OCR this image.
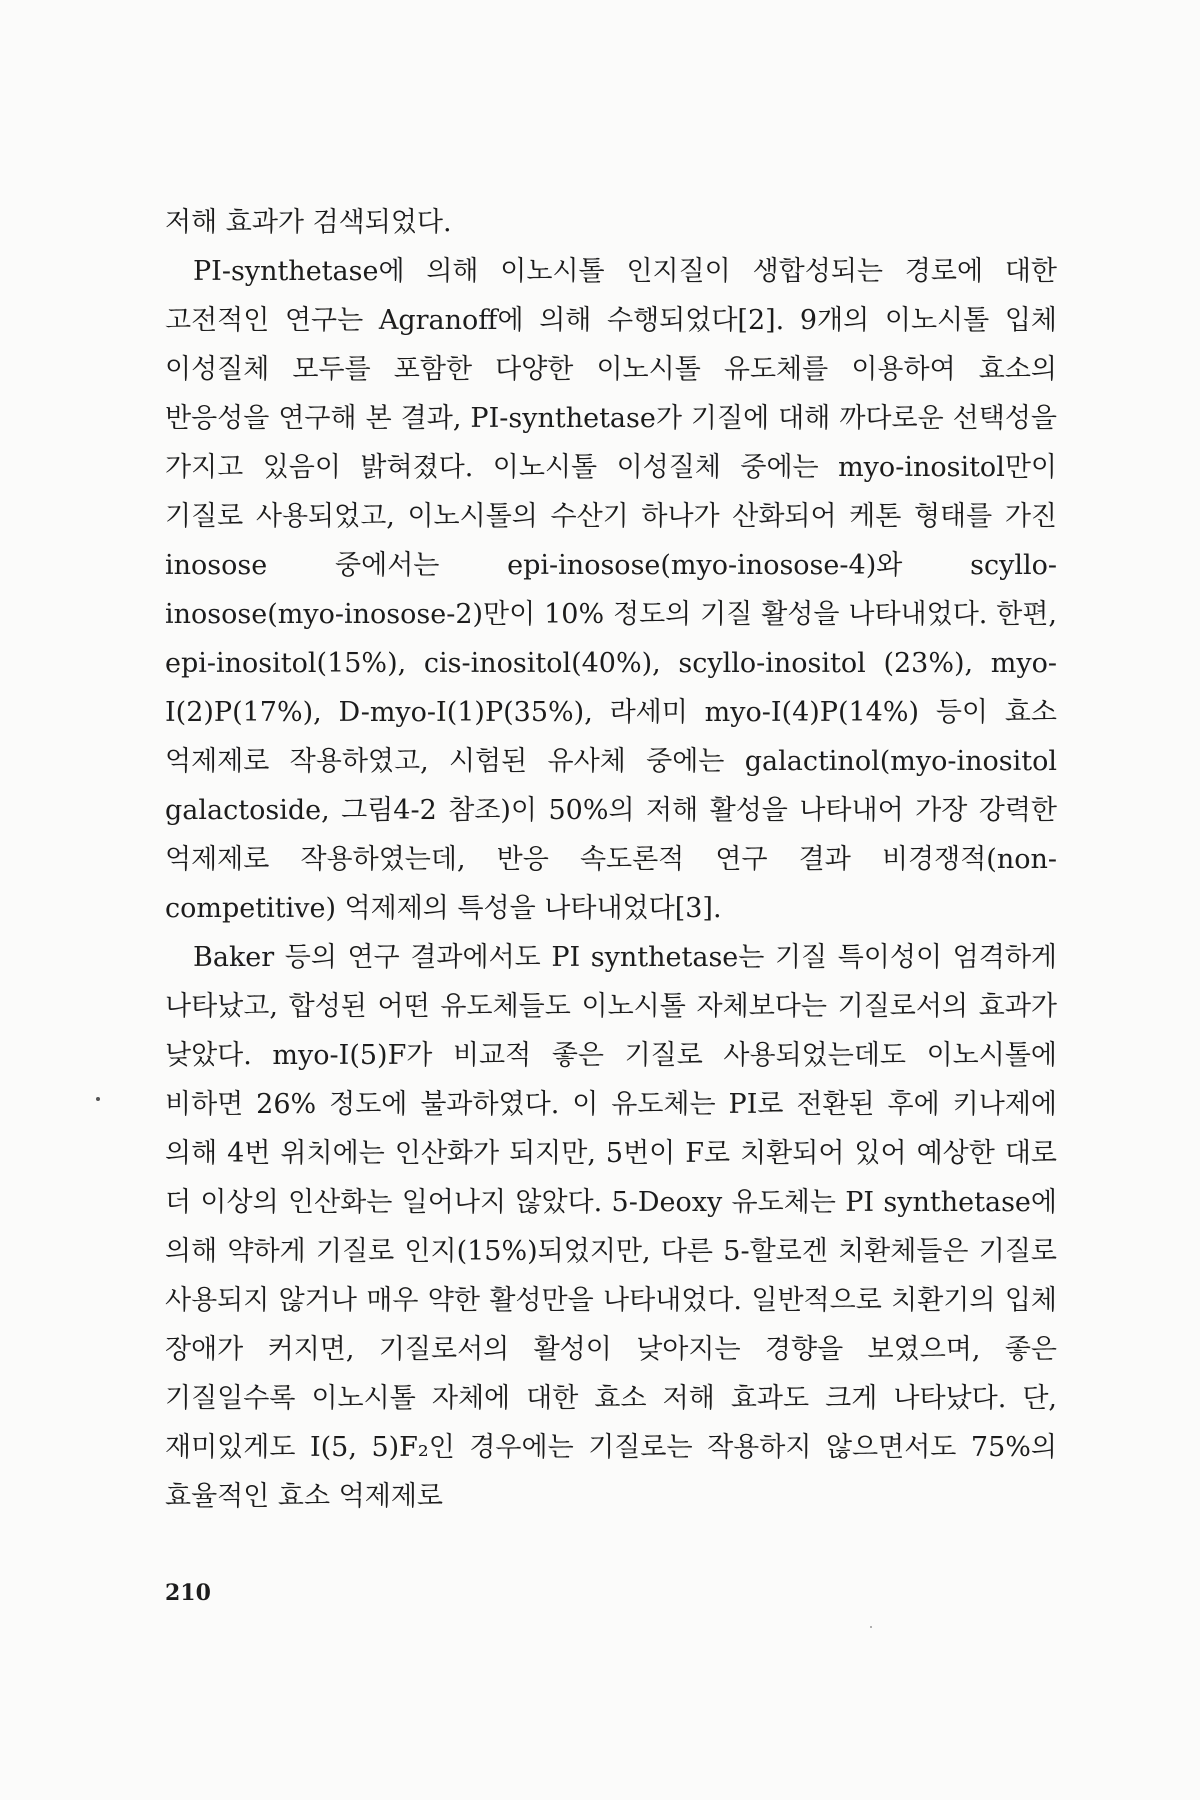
저해 효과가 검색되었다.

PI-synthetase에 의해 이노시톨 인지질이 생합성되는 경로에 대한 고전적인 연구는 Agranoff에 의해 수행되었다[2]. 9개의 이노시톨 입체 이성질체 모두를 포함한 다양한 이노시톨 유도체를 이용하여 효소의 반응성을 연구해 본 결과, PI-synthetase가 기질에 대해 까다로운 선택성을 가지고 있음이 밝혀졌다. 이노시톨 이성질체 중에는 myo-inositol만이 기질로 사용되었고, 이노시톨의 수산기 하나가 산화되어 케톤 형태를 가진 inosose 중에서는 epi-inosose(myo-inosose-4)와 scyllo-inosose(myo-inosose-2)만이 10% 정도의 기질 활성을 나타내었다. 한편, epi-inositol(15%), cis-inositol(40%), scyllo-inositol (23%), myo-I(2)P(17%), D-myo-I(1)P(35%), 라세미 myo-I(4)P(14%) 등이 효소 억제제로 작용하였고, 시험된 유사체 중에는 galactinol(myo-inositol galactoside, 그림4-2 참조)이 50%의 저해 활성을 나타내어 가장 강력한 억제제로 작용하였는데, 반응 속도론적 연구 결과 비경쟁적(non-competitive) 억제제의 특성을 나타내었다[3].

Baker 등의 연구 결과에서도 PI synthetase는 기질 특이성이 엄격하게 나타났고, 합성된 어떤 유도체들도 이노시톨 자체보다는 기질로서의 효과가 낮았다. myo-I(5)F가 비교적 좋은 기질로 사용되었는데도 이노시톨에 비하면 26% 정도에 불과하였다. 이 유도체는 PI로 전환된 후에 키나제에 의해 4번 위치에는 인산화가 되지만, 5번이 F로 치환되어 있어 예상한 대로 더 이상의 인산화는 일어나지 않았다. 5-Deoxy 유도체는 PI synthetase에 의해 약하게 기질로 인지(15%)되었지만, 다른 5-할로겐 치환체들은 기질로 사용되지 않거나 매우 약한 활성만을 나타내었다. 일반적으로 치환기의 입체 장애가 커지면, 기질로서의 활성이 낮아지는 경향을 보였으며, 좋은 기질일수록 이노시톨 자체에 대한 효소 저해 효과도 크게 나타났다. 단, 재미있게도 I(5, 5)F₂인 경우에는 기질로는 작용하지 않으면서도 75%의 효율적인 효소 억제제로

210
